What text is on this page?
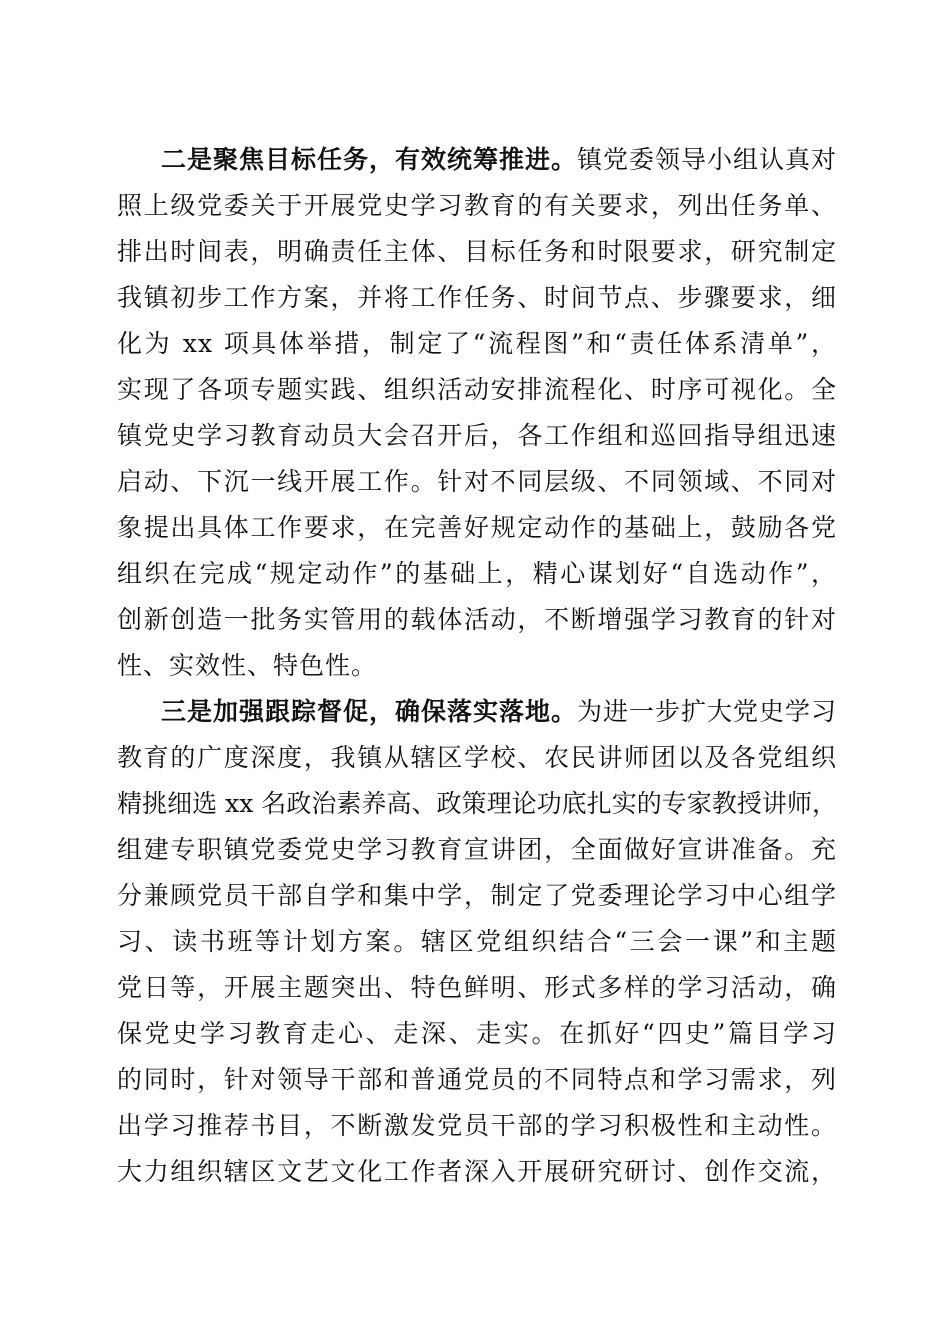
二是聚焦目标任务，有效统筹推进。镇党委领导小组认真对
照上级党委关于开展党史学习教育的有关要求，列出任务单、
排出时间表，明确责任主体、目标任务和时限要求，研究制定
我镇初步工作方案，并将工作任务、时间节点、步骤要求，细
化为 xx 项具体举措，制定了“流程图”和“责任体系清单”，
实现了各项专题实践、组织活动安排流程化、时序可视化。全
镇党史学习教育动员大会召开后，各工作组和巡回指导组迅速
启动、下沉一线开展工作。针对不同层级、不同领域、不同对
象提出具体工作要求，在完善好规定动作的基础上，鼓励各党
组织在完成“规定动作”的基础上，精心谋划好“自选动作”，
创新创造一批务实管用的载体活动，不断增强学习教育的针对
性、实效性、特色性。
三是加强跟踪督促，确保落实落地。为进一步扩大党史学习
教育的广度深度，我镇从辖区学校、农民讲师团以及各党组织
精挑细选 xx 名政治素养高、政策理论功底扎实的专家教授讲师，
组建专职镇党委党史学习教育宣讲团，全面做好宣讲准备。充
分兼顾党员干部自学和集中学，制定了党委理论学习中心组学
习、读书班等计划方案。辖区党组织结合“三会一课”和主题
党日等，开展主题突出、特色鲜明、形式多样的学习活动，确
保党史学习教育走心、走深、走实。在抓好“四史”篇目学习
的同时，针对领导干部和普通党员的不同特点和学习需求，列
出学习推荐书目，不断激发党员干部的学习积极性和主动性。
大力组织辖区文艺文化工作者深入开展研究研讨、创作交流，
